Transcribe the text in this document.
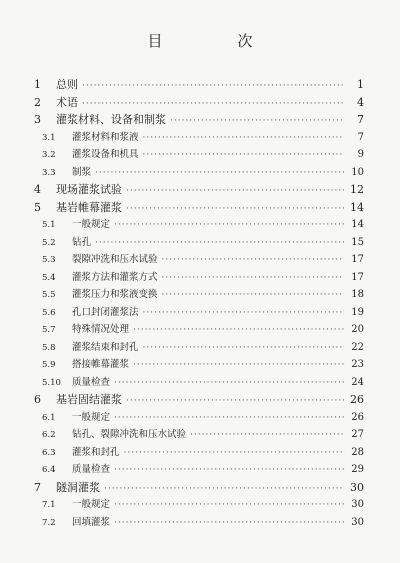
目　次
1	总则 ·····	1
2	术语 ·····	4
3	灌浆材料、设备和制浆 ·····	7
3.1	灌浆材料和浆液 ·····	7
3.2	灌浆设备和机具 ·····	9
3.3	制浆 ·····	10
4	现场灌浆试验 ·····	12
5	基岩帷幕灌浆 ·····	14
5.1	一般规定 ·····	14
5.2	钻孔 ·····	15
5.3	裂隙冲洗和压水试验 ·····	17
5.4	灌浆方法和灌浆方式 ·····	17
5.5	灌浆压力和浆液变换 ·····	18
5.6	孔口封闭灌浆法 ·····	19
5.7	特殊情况处理 ·····	20
5.8	灌浆结束和封孔 ·····	22
5.9	搭接帷幕灌浆 ·····	23
5.10	质量检查 ·····	24
6	基岩固结灌浆 ·····	26
6.1	一般规定 ·····	26
6.2	钻孔、裂隙冲洗和压水试验 ·····	27
6.3	灌浆和封孔 ·····	28
6.4	质量检查 ·····	29
7	隧洞灌浆 ·····	30
7.1	一般规定 ·····	30
7.2	回填灌浆 ·····	30
